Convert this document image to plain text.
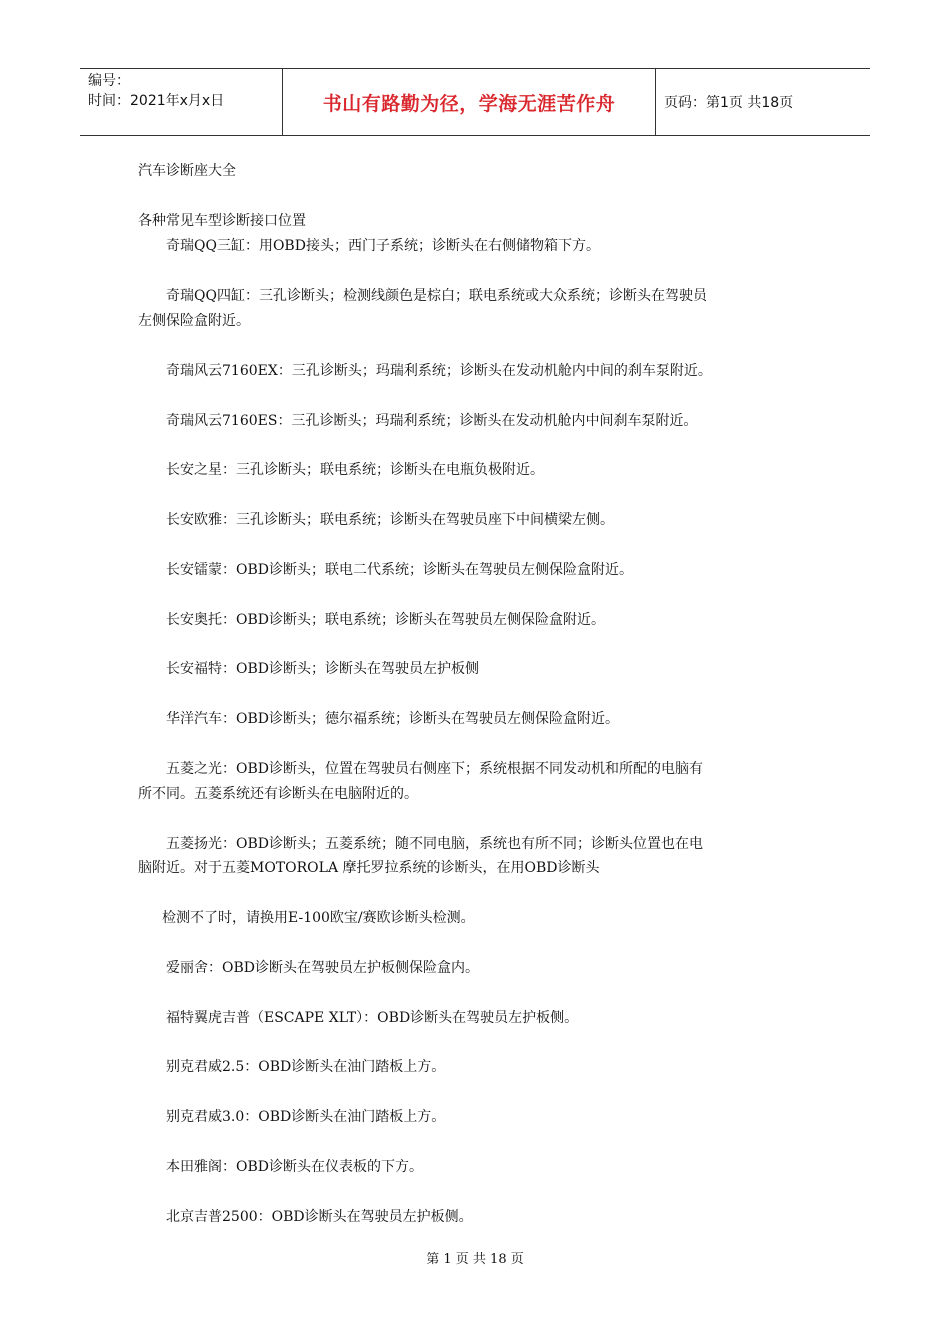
编号：
时间：2021年x月x日	书山有路勤为径，学海无涯苦作舟	页码：第1页 共18页
汽车诊断座大全
各种常见车型诊断接口位置
奇瑞QQ三缸：用OBD接头；西门子系统；诊断头在右侧储物箱下方。
奇瑞QQ四缸：三孔诊断头；检测线颜色是棕白；联电系统或大众系统；诊断头在驾驶员
左侧保险盒附近。
奇瑞风云7160EX：三孔诊断头；玛瑞利系统；诊断头在发动机舱内中间的刹车泵附近。
奇瑞风云7160ES：三孔诊断头；玛瑞利系统；诊断头在发动机舱内中间刹车泵附近。
长安之星：三孔诊断头；联电系统；诊断头在电瓶负极附近。
长安欧雅：三孔诊断头；联电系统；诊断头在驾驶员座下中间横梁左侧。
长安镭蒙：OBD诊断头；联电二代系统；诊断头在驾驶员左侧保险盒附近。
长安奥托：OBD诊断头；联电系统；诊断头在驾驶员左侧保险盒附近。
长安福特：OBD诊断头；诊断头在驾驶员左护板侧
华洋汽车：OBD诊断头；德尔福系统；诊断头在驾驶员左侧保险盒附近。
五菱之光：OBD诊断头，位置在驾驶员右侧座下；系统根据不同发动机和所配的电脑有
所不同。五菱系统还有诊断头在电脑附近的。
五菱扬光：OBD诊断头；五菱系统；随不同电脑，系统也有所不同；诊断头位置也在电
脑附近。对于五菱MOTOROLA 摩托罗拉系统的诊断头，在用OBD诊断头
检测不了时，请换用E-100欧宝/赛欧诊断头检测。
爱丽舍：OBD诊断头在驾驶员左护板侧保险盒内。
福特翼虎吉普（ESCAPE XLT）：OBD诊断头在驾驶员左护板侧。
别克君威2.5：OBD诊断头在油门踏板上方。
别克君威3.0：OBD诊断头在油门踏板上方。
本田雅阁：OBD诊断头在仪表板的下方。
北京吉普2500：OBD诊断头在驾驶员左护板侧。
第 1 页 共 18 页
